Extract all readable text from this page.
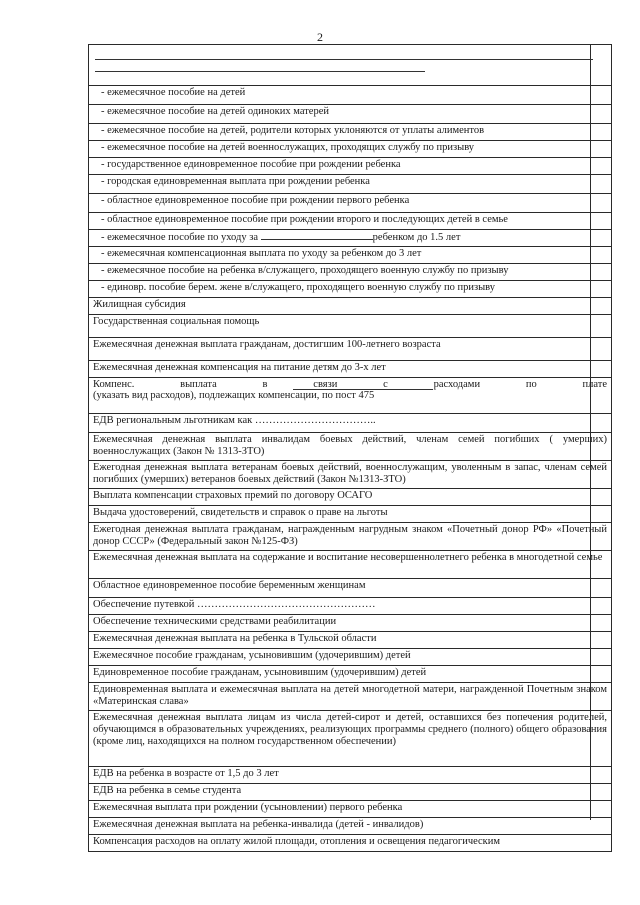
2
- ежемесячное пособие на детей
- ежемесячное пособие на детей одиноких матерей
- ежемесячное пособие на детей, родители которых уклоняются от уплаты алиментов
- ежемесячное пособие на детей военнослужащих, проходящих службу по призыву
- государственное единовременное пособие при рождении ребенка
- городская единовременная выплата при рождении ребенка
- областное единовременное пособие при рождении первого ребенка
- областное единовременное пособие при рождении второго и последующих детей в семье
- ежемесячное пособие по уходу за	ребенком до 1.5 лет
- ежемесячная компенсационная выплата по уходу за ребенком до 3 лет
- ежемесячное пособие на ребенка в/служащего, проходящего военную службу по призыву
- единовр. пособие берем. жене в/служащего, проходящего военную службу по призыву
Жилищная субсидия
Государственная социальная помощь
Ежемесячная денежная выплата гражданам, достигшим 100-летнего возраста
Ежемесячная денежная компенсация на питание детям до 3-х лет
Компенс. выплата в связи с расходами по плате
(указать вид расходов), подлежащих компенсации, по пост 475
ЕДВ региональным льготникам как ……………………………..
Ежемесячная денежная выплата инвалидам боевых действий, членам семей погибших ( умерших) военнослужащих (Закон № 1313-ЗТО)
Ежегодная денежная выплата ветеранам боевых действий, военнослужащим, уволенным в запас, членам семей погибших (умерших) ветеранов боевых действий (Закон №1313-ЗТО)
Выплата компенсации страховых премий по договору ОСАГО
Выдача удостоверений, свидетельств и справок о праве на льготы
Ежегодная денежная выплата гражданам, награжденным нагрудным знаком «Почетный донор РФ» «Почетный донор СССР» (Федеральный закон №125-ФЗ)
Ежемесячная денежная выплата на содержание и воспитание несовершеннолетнего ребенка в многодетной семье
Областное единовременное пособие беременным женщинам
Обеспечение путевкой ……………………………………………
Обеспечение техническими средствами реабилитации
Ежемесячная денежная выплата на ребенка в Тульской области
Ежемесячное пособие гражданам, усыновившим (удочерившим) детей
Единовременное пособие гражданам, усыновившим (удочерившим) детей
Единовременная выплата и ежемесячная выплата на детей многодетной матери, награжденной Почетным знаком «Материнская слава»
Ежемесячная денежная выплата лицам из числа детей-сирот и детей, оставшихся без попечения родителей, обучающимся в образовательных учреждениях, реализующих программы среднего (полного) общего образования (кроме лиц, находящихся на полном государственном обеспечении)
ЕДВ на ребенка в возрасте от 1,5 до 3 лет
ЕДВ на ребенка в семье студента
Ежемесячная выплата при рождении (усыновлении) первого ребенка
Ежемесячная денежная выплата на ребенка-инвалида (детей - инвалидов)
Компенсация расходов на оплату жилой площади, отопления и освещения педагогическим
